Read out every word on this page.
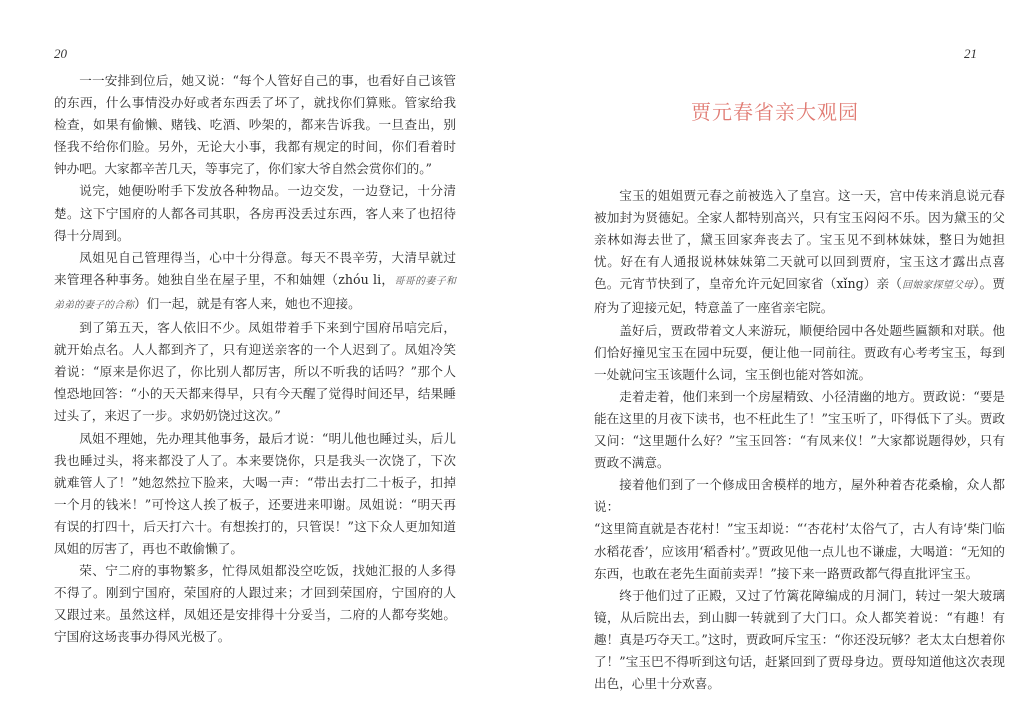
20

一一安排到位后，她又说：“每个人管好自己的事，也看好自己该管的东西，什么事情没办好或者东西丢了坏了，就找你们算账。管家给我检查，如果有偷懒、赌钱、吃酒、吵架的，都来告诉我。一旦查出，别怪我不给你们脸。另外，无论大小事，我都有规定的时间，你们看着时钟办吧。大家都辛苦几天，等事完了，你们家大爷自然会赏你们的。”

说完，她便吩咐手下发放各种物品。一边交发，一边登记，十分清楚。这下宁国府的人都各司其职，各房再没丢过东西，客人来了也招待得十分周到。

凤姐见自己管理得当，心中十分得意。每天不畏辛劳，大清早就过来管理各种事务。她独自坐在屋子里，不和妯娌（zhóu li，哥哥的妻子和弟弟的妻子的合称）们一起，就是有客人来，她也不迎接。

到了第五天，客人依旧不少。凤姐带着手下来到宁国府吊唁完后，就开始点名。人人都到齐了，只有迎送亲客的一个人迟到了。凤姐冷笑着说：“原来是你迟了，你比别人都厉害，所以不听我的话吗？”那个人惶恐地回答：“小的天天都来得早，只有今天醒了觉得时间还早，结果睡过头了，来迟了一步。求奶奶饶过这次。”

凤姐不理她，先办理其他事务，最后才说：“明儿他也睡过头，后儿我也睡过头，将来都没了人了。本来要饶你，只是我头一次饶了，下次就难管人了！”她忽然拉下脸来，大喝一声：“带出去打二十板子，扣掉一个月的钱米！”可怜这人挨了板子，还要进来叩谢。凤姐说：“明天再有误的打四十，后天打六十。有想挨打的，只管误！”这下众人更加知道凤姐的厉害了，再也不敢偷懒了。

荣、宁二府的事物繁多，忙得凤姐都没空吃饭，找她汇报的人多得不得了。刚到宁国府，荣国府的人跟过来；才回到荣国府，宁国府的人又跟过来。虽然这样，凤姐还是安排得十分妥当，二府的人都夸奖她。宁国府这场丧事办得风光极了。

21
贾元春省亲大观园

宝玉的姐姐贾元春之前被选入了皇宫。这一天，宫中传来消息说元春被加封为贤德妃。全家人都特别高兴，只有宝玉闷闷不乐。因为黛玉的父亲林如海去世了，黛玉回家奔丧去了。宝玉见不到林妹妹，整日为她担忧。好在有人通报说林妹妹第二天就可以回到贾府，宝玉这才露出点喜色。元宵节快到了，皇帝允许元妃回家省（xǐng）亲（回娘家探望父母）。贾府为了迎接元妃，特意盖了一座省亲宅院。

盖好后，贾政带着文人来游玩，顺便给园中各处题些匾额和对联。他们恰好撞见宝玉在园中玩耍，便让他一同前往。贾政有心考考宝玉，每到一处就问宝玉该题什么词，宝玉倒也能对答如流。

走着走着，他们来到一个房屋精致、小径清幽的地方。贾政说：“要是能在这里的月夜下读书，也不枉此生了！”宝玉听了，吓得低下了头。贾政又问：“这里题什么好？”宝玉回答：“有凤来仪！”大家都说题得妙，只有贾政不满意。

接着他们到了一个修成田舍模样的地方，屋外种着杏花桑榆，众人都说：

“这里简直就是杏花村！”宝玉却说：“‘杏花村’太俗气了，古人有诗‘柴门临水稻花香’，应该用‘稻香村’。”贾政见他一点儿也不谦虚，大喝道：“无知的东西，也敢在老先生面前卖弄！”接下来一路贾政都气得直批评宝玉。

终于他们过了正殿，又过了竹篱花障编成的月洞门，转过一架大玻璃镜，从后院出去，到山脚一转就到了大门口。众人都笑着说：“有趣！有趣！真是巧夺天工。”这时，贾政呵斥宝玉：“你还没玩够？老太太白想着你了！”宝玉巴不得听到这句话，赶紧回到了贾母身边。贾母知道他这次表现出色，心里十分欢喜。
